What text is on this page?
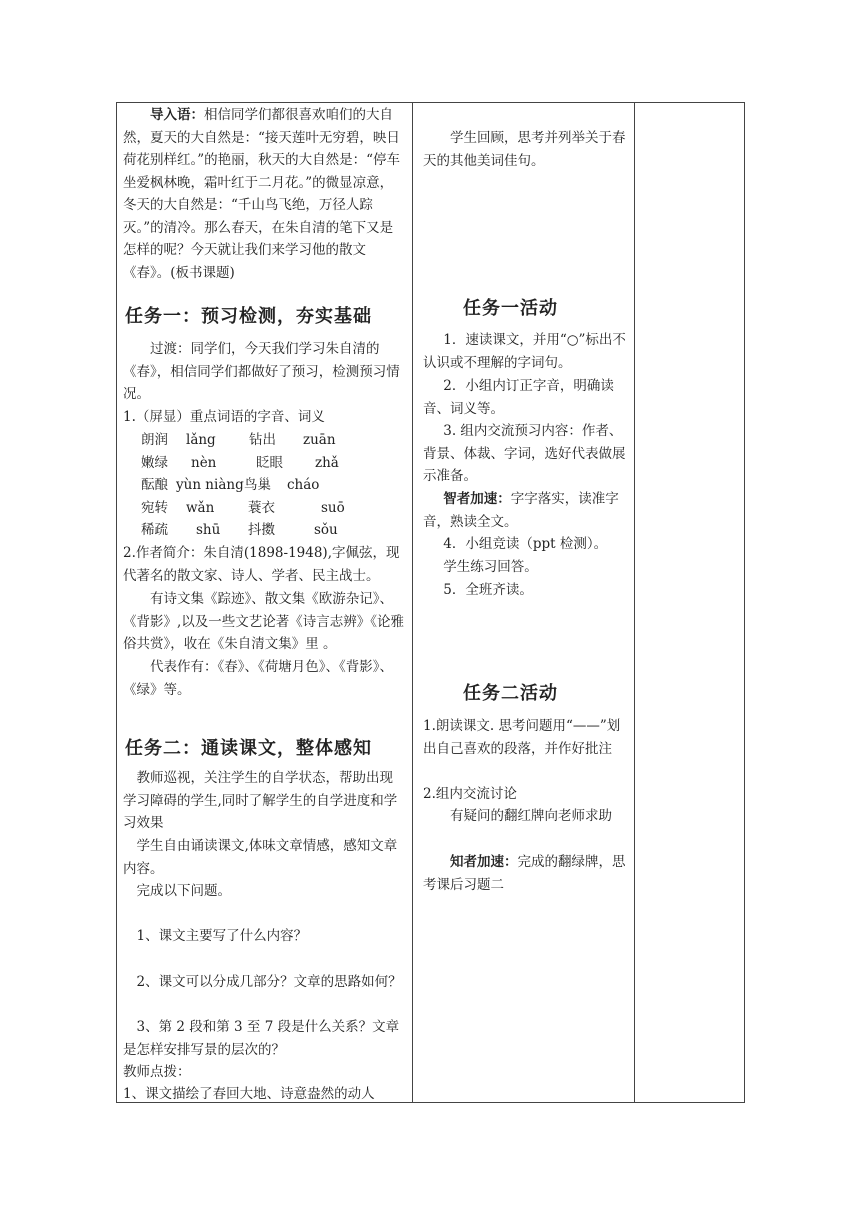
导入语：相信同学们都很喜欢咱们的大自然，夏天的大自然是：“接天莲叶无穷碧，映日荷花别样红。”的艳丽，秋天的大自然是：“停车坐爱枫林晚，霜叶红于二月花。”的微显凉意，冬天的大自然是：“千山鸟飞绝，万径人踪灭。”的清冷。那么春天，在朱自清的笔下又是怎样的呢？今天就让我们来学习他的散文《春》。(板书课题)
任务一：预习检测，夯实基础
过渡：同学们，今天我们学习朱自清的《春》，相信同学们都做好了预习，检测预习情况。
1.（屏显）重点词语的字音、词义
朗润 lǎng 钻出 zuān
嫩绿 nèn	眨眼 zhǎ
酝酿 yùn niàng 鸟巢 cháo
宛转 wǎn 蓑衣	suō
稀疏 shū 抖擞	sǒu
2.作者简介：朱自清(1898-1948),字佩弦，现代著名的散文家、诗人、学者、民主战士。
有诗文集《踪迹》、散文集《欧游杂记》、《背影》,以及一些文艺论著《诗言志辨》《论雅俗共赏》，收在《朱自清文集》里 。
代表作有：《春》、《荷塘月色》、《背影》、《绿》等。
任务二：通读课文，整体感知
教师巡视，关注学生的自学状态，帮助出现学习障碍的学生,同时了解学生的自学进度和学习效果
学生自由诵读课文,体味文章情感，感知文章内容。
完成以下问题。
1、课文主要写了什么内容？
2、课文可以分成几部分？文章的思路如何？
3、第 2 段和第 3 至 7 段是什么关系？文章是怎样安排写景的层次的？
教师点拨：
1、课文描绘了春回大地、诗意盎然的动人
学生回顾，思考并列举关于春天的其他美词佳句。
任务一活动
1．速读课文，并用“○”标出不认识或不理解的字词句。
2．小组内订正字音，明确读音、词义等。
3. 组内交流预习内容：作者、背景、体裁、字词，选好代表做展示准备。
智者加速：字字落实，读准字音，熟读全文。
4．小组竞读（ppt 检测）。
学生练习回答。
5．全班齐读。
任务二活动
1.朗读课文. 思考问题用“——”划出自己喜欢的段落，并作好批注
2.组内交流讨论
有疑问的翻红牌向老师求助
知者加速：完成的翻绿牌，思考课后习题二
